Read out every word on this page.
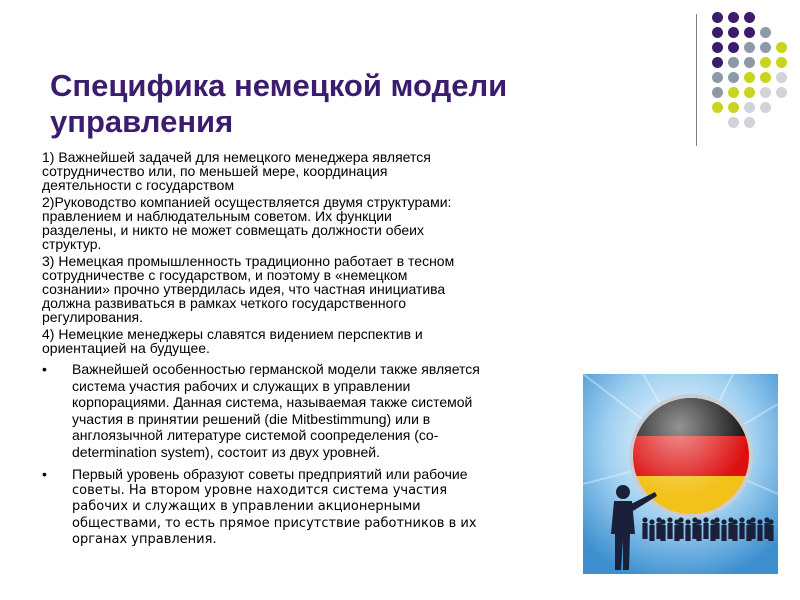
Специфика немецкой модели
управления
1) Важнейшей задачей для немецкого менеджера является
сотрудничество или, по меньшей мере, координация
деятельности с государством
2)Руководство компанией осуществляется двумя структурами:
правлением и наблюдательным советом. Их функции
разделены, и никто не может совмещать должности обеих
структур.
3) Немецкая промышленность традиционно работает в тесном
сотрудничестве с государством, и поэтому в «немецком
сознании» прочно утвердилась идея, что частная инициатива
должна развиваться в рамках четкого государственного
регулирования.
4) Немецкие менеджеры славятся видением перспектив и
ориентацией на будущее.
• Важнейшей особенностью германской модели также является
система участия рабочих и служащих в управлении
корпорациями. Данная система, называемая также системой
участия в принятии решений (die Mitbestimmung) или в
англоязычной литературе системой соопределения (co-
determination system), состоит из двух уровней.
• Первый уровень образуют советы предприятий или рабочие
советы. На втором уровне находится система участия
рабочих и служащих в управлении акционерными
обществами, то есть прямое присутствие работников в их
органах управления.
